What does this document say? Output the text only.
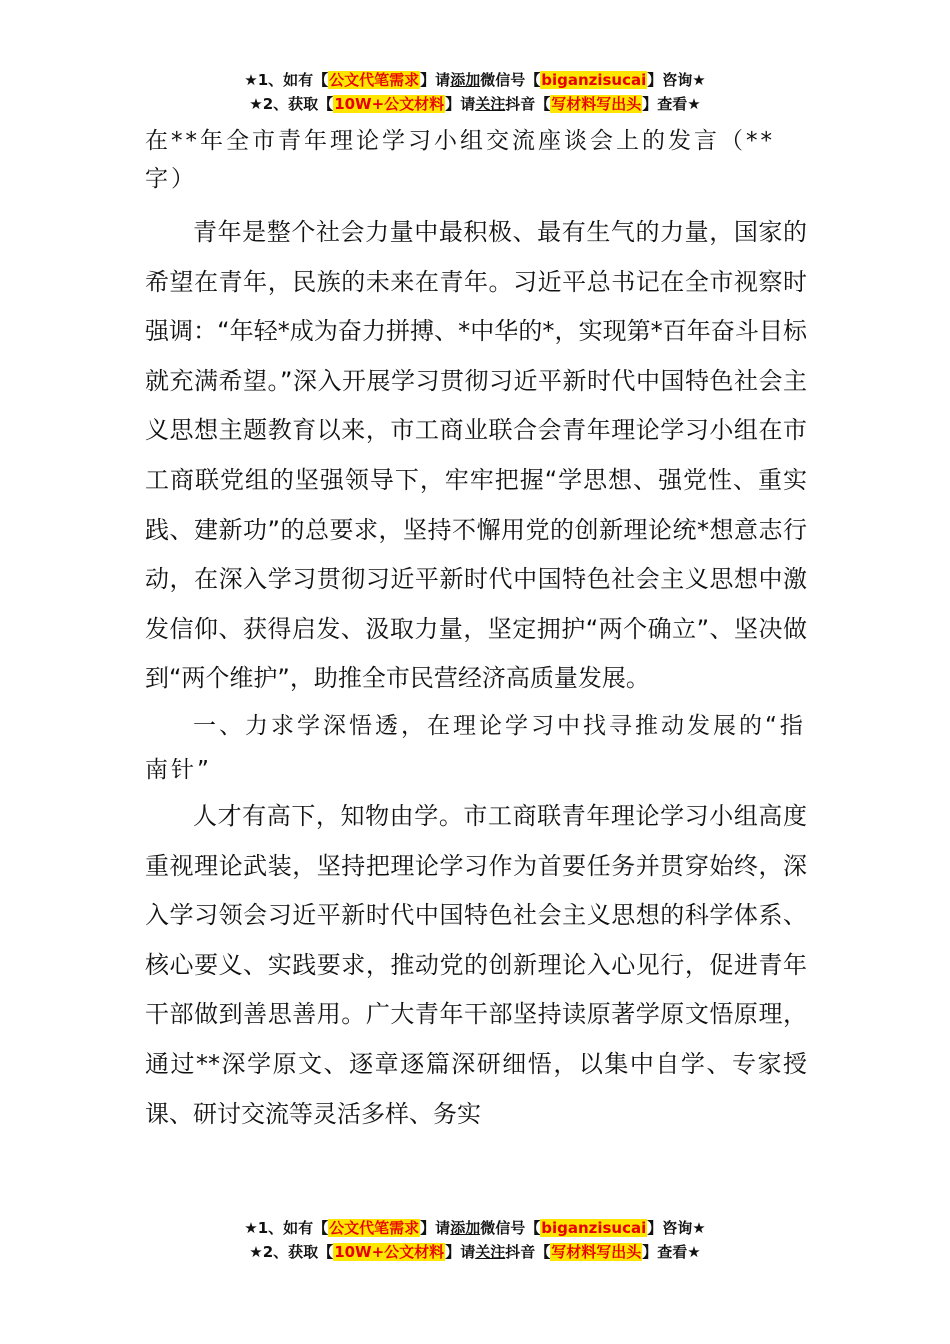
★1、如有【公文代笔需求】请添加微信号【biganzisucai】咨询★
★2、获取【10W+公文材料】请关注抖音【写材料写出头】查看★
在**年全市青年理论学习小组交流座谈会上的发言（**字）

青年是整个社会力量中最积极、最有生气的力量，国家的希望在青年，民族的未来在青年。习近平总书记在全市视察时强调：“年轻*成为奋力拼搏、*中华的*，实现第*百年奋斗目标就充满希望。”深入开展学习贯彻习近平新时代中国特色社会主义思想主题教育以来，市工商业联合会青年理论学习小组在市工商联党组的坚强领导下，牢牢把握“学思想、强党性、重实践、建新功”的总要求，坚持不懈用党的创新理论统*想意志行动，在深入学习贯彻习近平新时代中国特色社会主义思想中激发信仰、获得启发、汲取力量，坚定拥护“两个确立”、坚决做到“两个维护”，助推全市民营经济高质量发展。

一、力求学深悟透，在理论学习中找寻推动发展的“指南针”

人才有高下，知物由学。市工商联青年理论学习小组高度重视理论武装，坚持把理论学习作为首要任务并贯穿始终，深入学习领会习近平新时代中国特色社会主义思想的科学体系、核心要义、实践要求，推动党的创新理论入心见行，促进青年干部做到善思善用。广大青年干部坚持读原著学原文悟原理，通过**深学原文、逐章逐篇深研细悟，以集中自学、专家授课、研讨交流等灵活多样、务实

★1、如有【公文代笔需求】请添加微信号【biganzisucai】咨询★
★2、获取【10W+公文材料】请关注抖音【写材料写出头】查看★
